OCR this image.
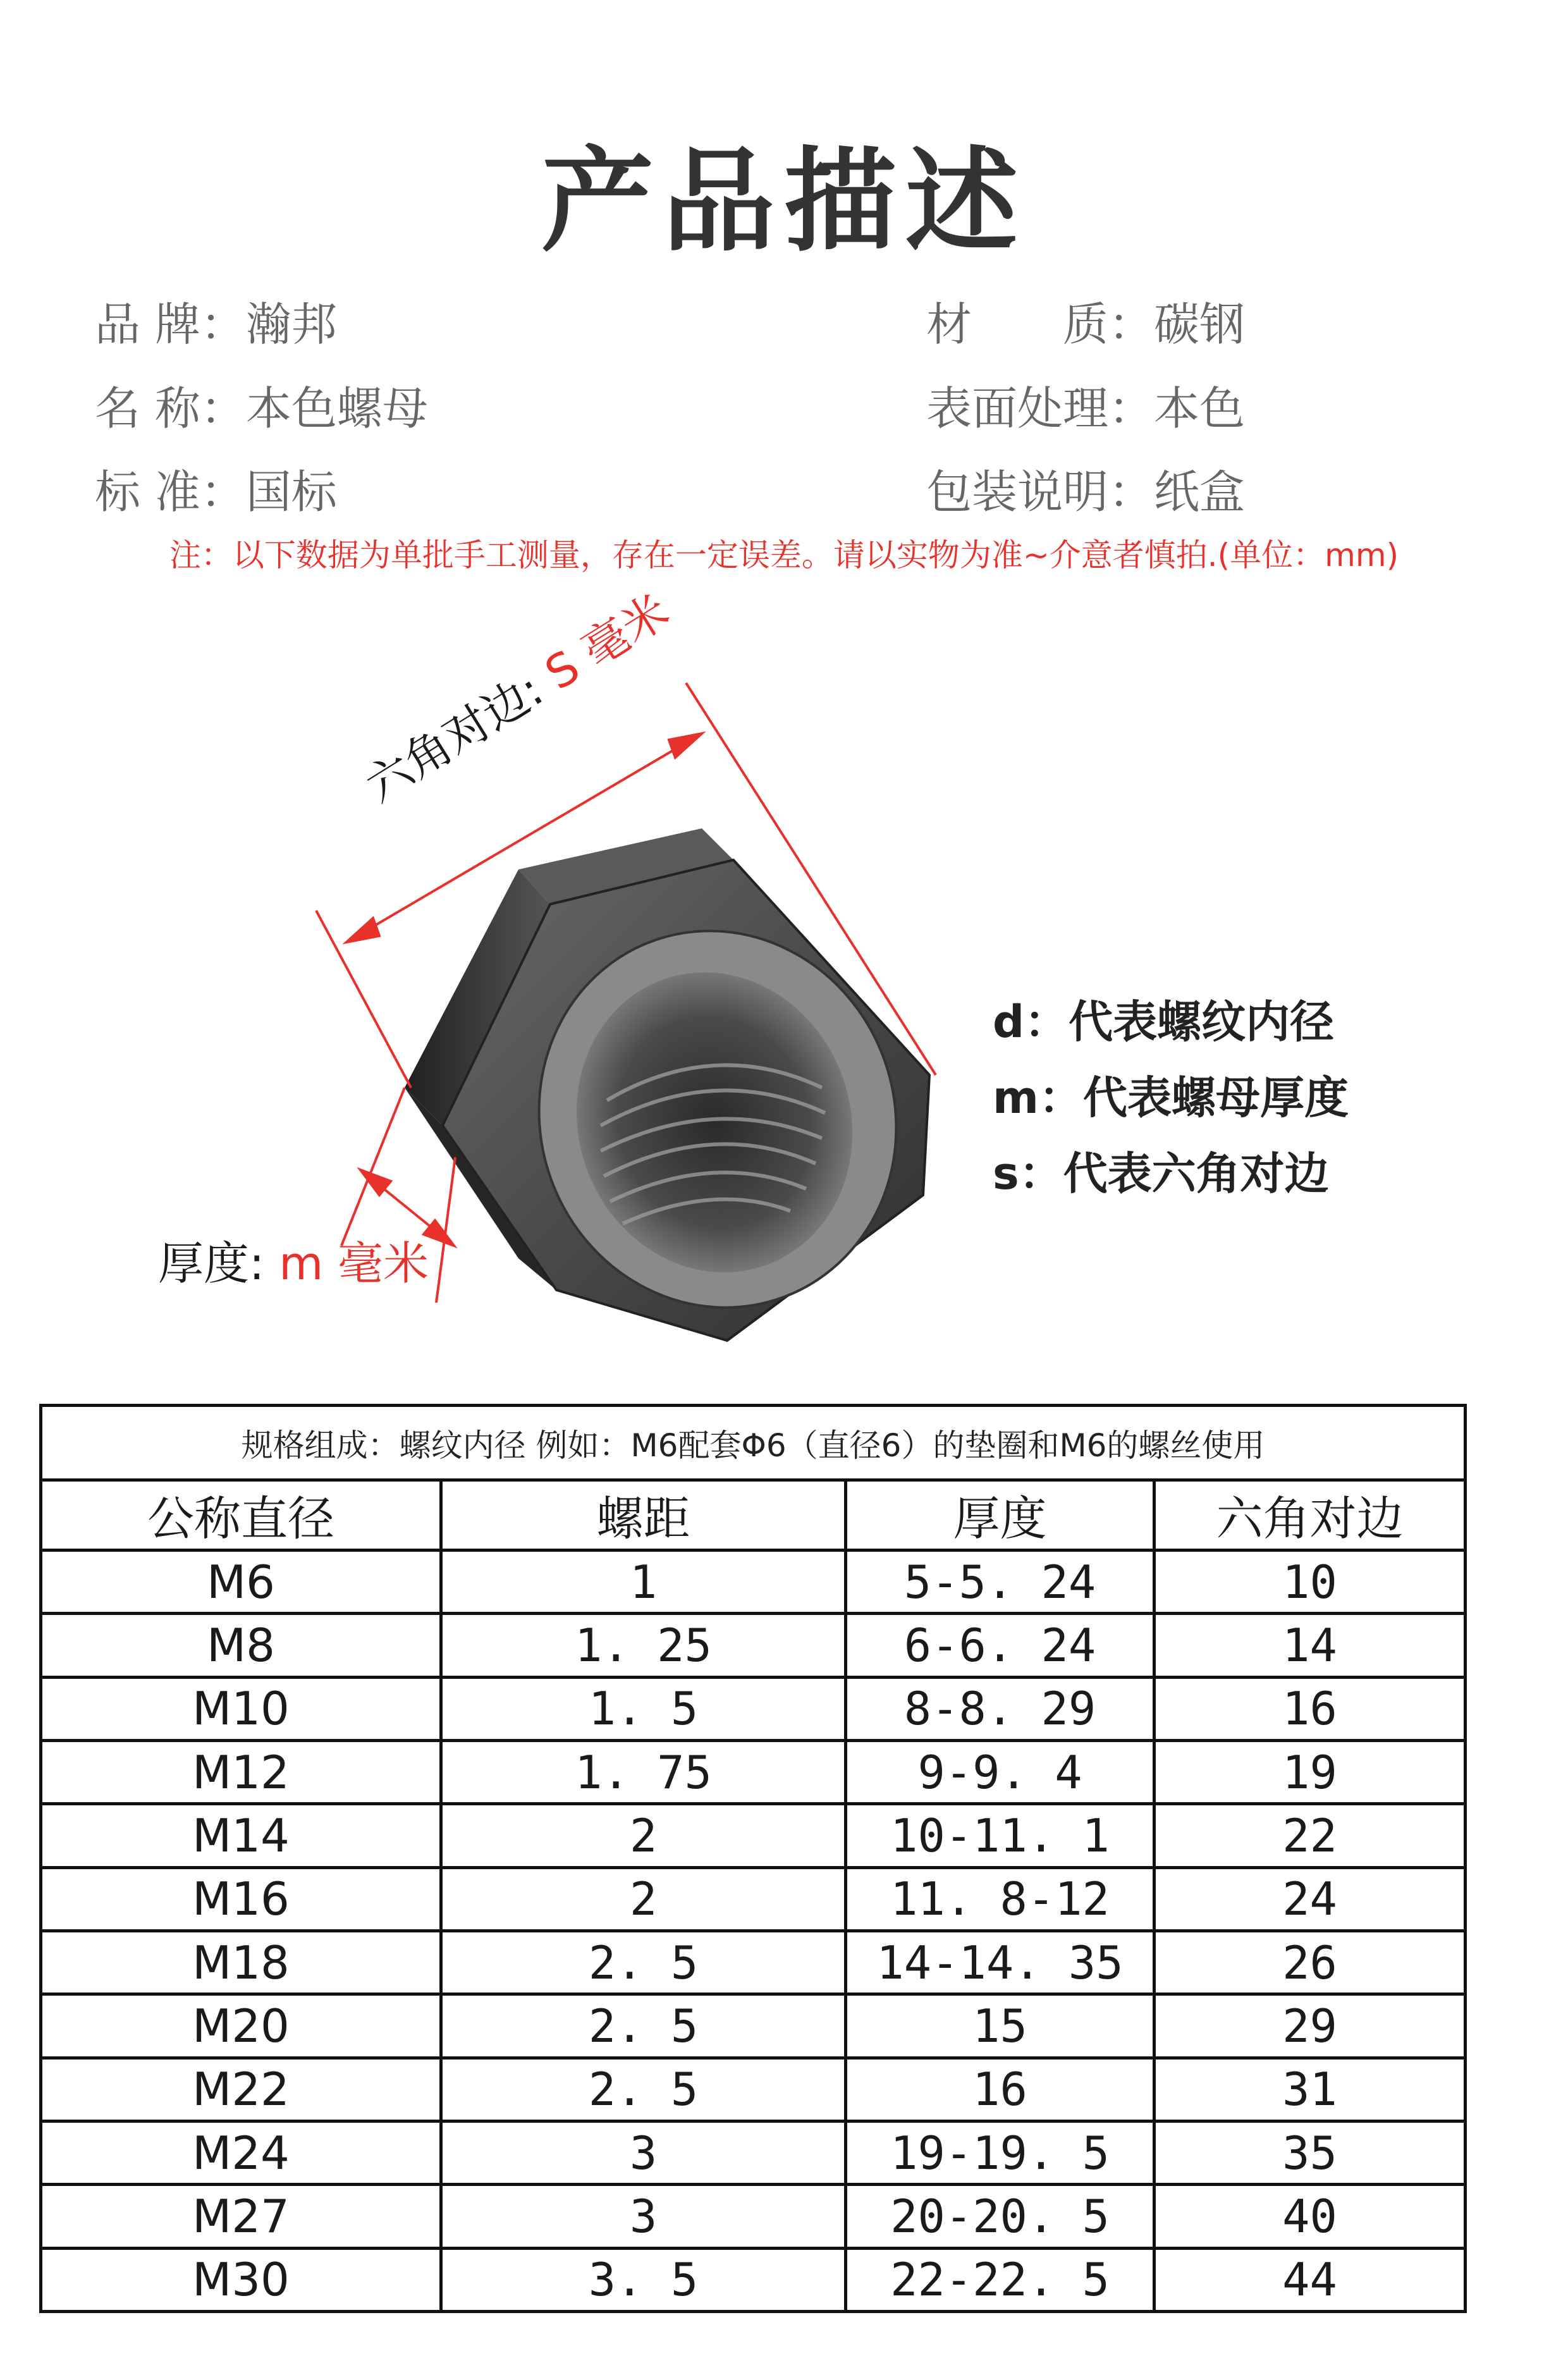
产品描述
品 牌：瀚邦	材　　质：碳钢
名 称：本色螺母	表面处理：本色
标 准：国标	包装说明：纸盒
注：以下数据为单批手工测量，存在一定误差。请以实物为准~介意者慎拍.(单位：mm)
六角对边: S 毫米
厚度: m 毫米
d：代表螺纹内径
m：代表螺母厚度
s：代表六角对边
规格组成：螺纹内径 例如：M6配套Φ6（直径6）的垫圈和M6的螺丝使用			
公称直径	螺距	厚度	六角对边
M6	1	5-5. 24	10
M8	1. 25	6-6. 24	14
M10	1. 5	8-8. 29	16
M12	1. 75	9-9. 4	19
M14	2	10-11. 1	22
M16	2	11. 8-12	24
M18	2. 5	14-14. 35	26
M20	2. 5	15	29
M22	2. 5	16	31
M24	3	19-19. 5	35
M27	3	20-20. 5	40
M30	3. 5	22-22. 5	44
